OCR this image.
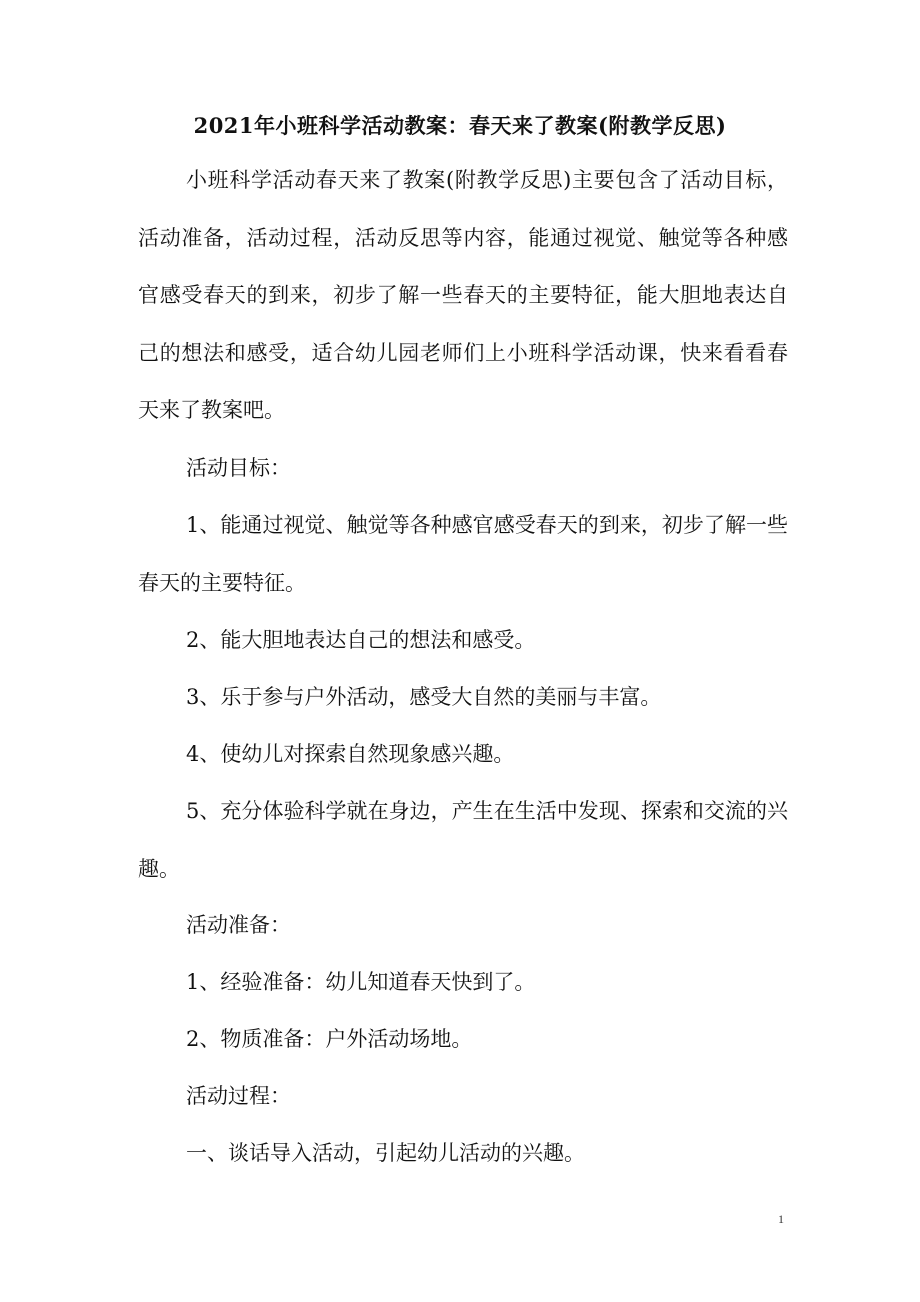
2021年小班科学活动教案：春天来了教案(附教学反思)
小班科学活动春天来了教案(附教学反思)主要包含了活动目标，活动准备，活动过程，活动反思等内容，能通过视觉、触觉等各种感官感受春天的到来，初步了解一些春天的主要特征，能大胆地表达自己的想法和感受，适合幼儿园老师们上小班科学活动课，快来看看春天来了教案吧。
活动目标：
1、能通过视觉、触觉等各种感官感受春天的到来，初步了解一些春天的主要特征。
2、能大胆地表达自己的想法和感受。
3、乐于参与户外活动，感受大自然的美丽与丰富。
4、使幼儿对探索自然现象感兴趣。
5、充分体验科学就在身边，产生在生活中发现、探索和交流的兴趣。
活动准备：
1、经验准备：幼儿知道春天快到了。
2、物质准备：户外活动场地。
活动过程：
一、谈话导入活动，引起幼儿活动的兴趣。
1
